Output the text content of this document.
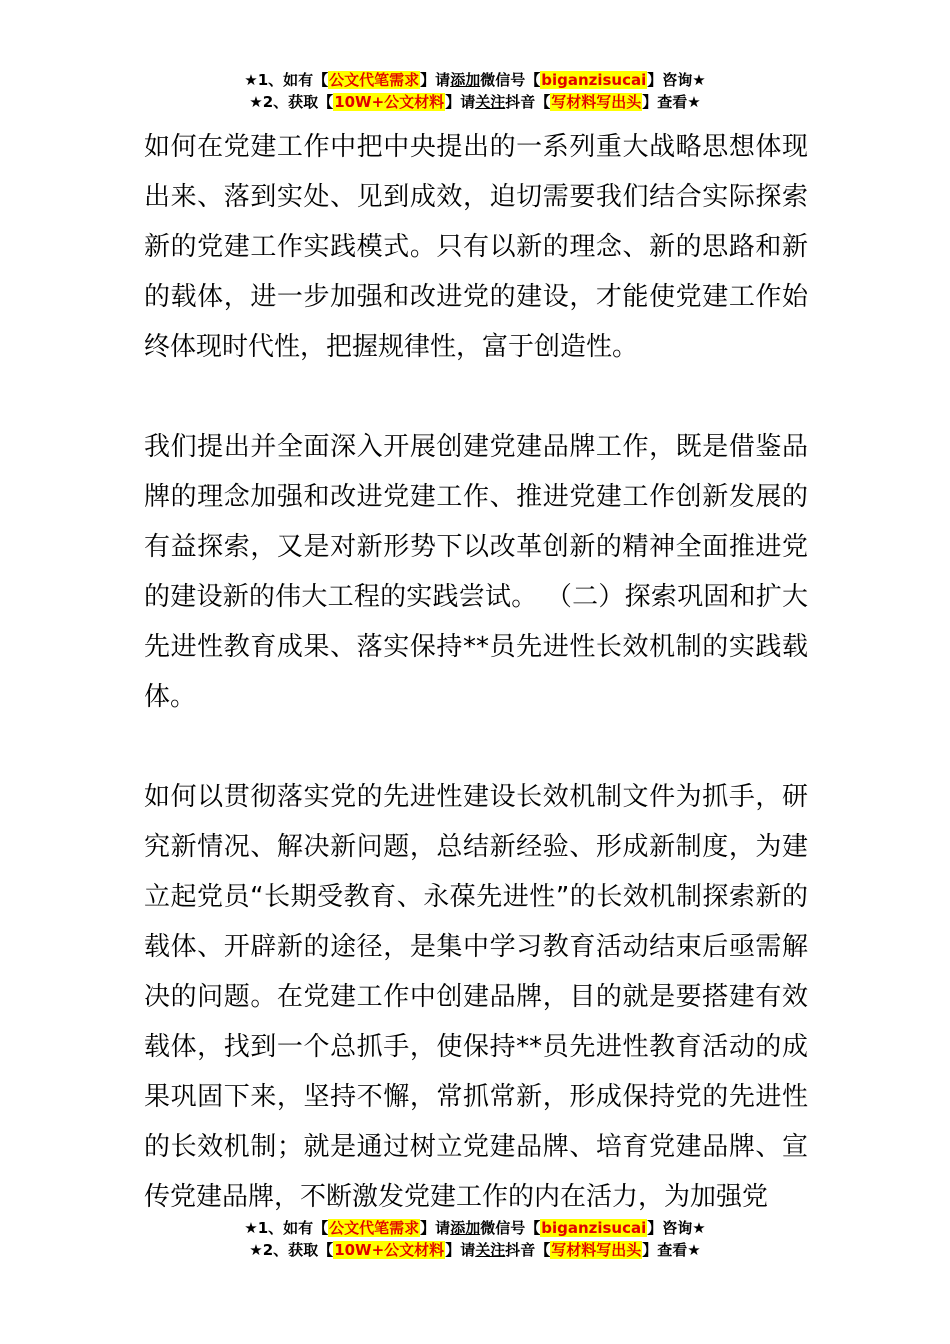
★1、如有【公文代笔需求】请添加微信号【biganzisucai】咨询★
★2、获取【10W+公文材料】请关注抖音【写材料写出头】查看★

如何在党建工作中把中央提出的一系列重大战略思想体现出来、落到实处、见到成效，迫切需要我们结合实际探索新的党建工作实践模式。只有以新的理念、新的思路和新的载体，进一步加强和改进党的建设，才能使党建工作始终体现时代性，把握规律性，富于创造性。

我们提出并全面深入开展创建党建品牌工作，既是借鉴品牌的理念加强和改进党建工作、推进党建工作创新发展的有益探索，又是对新形势下以改革创新的精神全面推进党的建设新的伟大工程的实践尝试。 （二）探索巩固和扩大先进性教育成果、落实保持**员先进性长效机制的实践载体。

如何以贯彻落实党的先进性建设长效机制文件为抓手，研究新情况、解决新问题，总结新经验、形成新制度，为建立起党员“长期受教育、永葆先进性”的长效机制探索新的载体、开辟新的途径，是集中学习教育活动结束后亟需解决的问题。在党建工作中创建品牌，目的就是要搭建有效载体，找到一个总抓手，使保持**员先进性教育活动的成果巩固下来，坚持不懈，常抓常新，形成保持党的先进性的长效机制；就是通过树立党建品牌、培育党建品牌、宣传党建品牌，不断激发党建工作的内在活力，为加强党

★1、如有【公文代笔需求】请添加微信号【biganzisucai】咨询★
★2、获取【10W+公文材料】请关注抖音【写材料写出头】查看★
